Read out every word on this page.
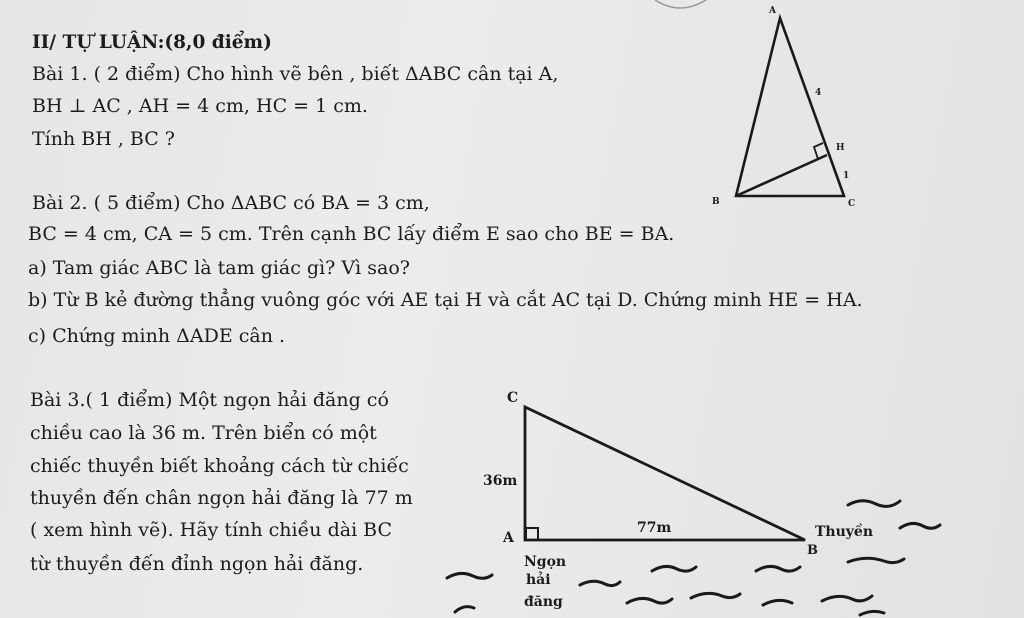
II/ TỰ LUẬN:(8,0 điểm)
Bài 1. ( 2 điểm) Cho hình vẽ bên , biết ΔABC cân tại A,
BH ⊥ AC , AH = 4 cm, HC = 1 cm.
Tính BH , BC ?
Bài 2. ( 5 điểm) Cho ΔABC có BA = 3 cm,
BC = 4 cm, CA = 5 cm. Trên cạnh BC lấy điểm E sao cho BE = BA.
a) Tam giác ABC là tam giác gì? Vì sao?
b) Từ B kẻ đường thẳng vuông góc với AE tại H và cắt AC tại D. Chứng minh HE = HA.
c) Chứng minh ΔADE cân .
Bài 3.( 1 điểm) Một ngọn hải đăng có
chiều cao là 36 m. Trên biển có một
chiếc thuyền biết khoảng cách từ chiếc
thuyền đến chân ngọn hải đăng là 77 m
( xem hình vẽ). Hãy tính chiều dài BC
từ thuyền đến đỉnh ngọn hải đăng.
A
B	C
H
4
1
C
A
B
36m
77m	Thuyền
Ngọn
hải
đăng
